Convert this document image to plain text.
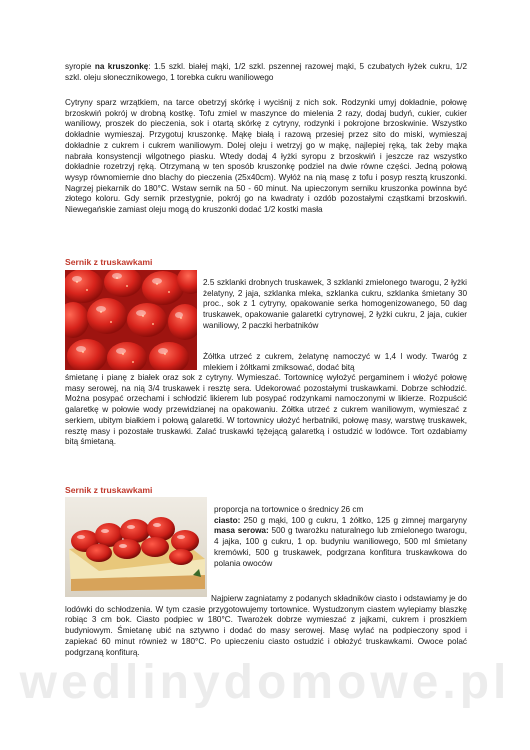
syropie na kruszonkę: 1.5 szkl. białej mąki, 1/2 szkl. pszennej razowej mąki, 5 czubatych łyżek cukru, 1/2 szkl. oleju słonecznikowego, 1 torebka cukru waniliowego

Cytryny sparz wrzątkiem, na tarce obetrzyj skórkę i wyciśnij z nich sok. Rodzynki umyj dokładnie, połowę brzoskwiń pokrój w drobną kostkę. Tofu zmiel w maszynce do mielenia 2 razy, dodaj budyń, cukier, cukier waniliowy, proszek do pieczenia, sok i otartą skórkę z cytryny, rodzynki i pokrojone brzoskwinie. Wszystko dokładnie wymieszaj. Przygotuj kruszonkę. Mąkę białą i razową przesiej przez sito do miski, wymieszaj dokładnie z cukrem i cukrem waniliowym. Dolej oleju i wetrzyj go w mąkę, najlepiej ręką, tak żeby mąka nabrała konsystencji wilgotnego piasku. Wtedy dodaj 4 łyżki syropu z brzoskwiń i jeszcze raz wszystko dokładnie rozetrzyj ręką. Otrzymaną w ten sposób kruszonkę podziel na dwie równe części. Jedną połową wysyp równomiernie dno blachy do pieczenia (25x40cm). Wyłóż na nią masę z tofu i posyp resztą kruszonki. Nagrzej piekarnik do 180°C. Wstaw sernik na 50 - 60 minut. Na upieczonym serniku kruszonka powinna być złotego koloru. Gdy sernik przestygnie, pokrój go na kwadraty i ozdób pozostałymi cząstkami brzoskwiń. Niewegańskie zamiast oleju mogą do kruszonki dodać 1/2 kostki masła

Sernik z truskawkami

2.5 szklanki drobnych truskawek, 3 szklanki zmielonego twarogu, 2 łyżki żelatyny, 2 jaja, szklanka mleka, szklanka cukru, szklanka śmietany 30 proc., sok z 1 cytryny, opakowanie serka homogenizowanego, 50 dag truskawek, opakowanie galaretki cytrynowej, 2 łyżki cukru, 2 jaja, cukier waniliowy, 2 paczki herbatników

Żółtka utrzeć z cukrem, żelatynę namoczyć w 1,4 l wody. Twaróg z mlekiem i żółtkami zmiksować, dodać bitą

śmietanę i pianę z białek oraz sok z cytryny. Wymieszać. Tortownicę wyłożyć pergaminem i włożyć połowę masy serowej, na nią 3/4 truskawek i resztę sera. Udekorować pozostałymi truskawkami. Dobrze schłodzić. Można posypać orzechami i schłodzić likierem lub posypać rodzynkami namoczonymi w likierze. Rozpuścić galaretkę w połowie wody przewidzianej na opakowaniu. Żółtka utrzeć z cukrem waniliowym, wymieszać z serkiem, ubitym białkiem i połową galaretki. W tortownicy ułożyć herbatniki, połowę masy, warstwę truskawek, resztę masy i pozostałe truskawki. Zalać truskawki tężejącą galaretką i ostudzić w lodówce. Tort ozdabiamy bitą śmietaną.

Sernik z truskawkami

proporcja na tortownice o średnicy 26 cm
ciasto: 250 g mąki, 100 g cukru, 1 żółtko, 125 g zimnej margaryny masa serowa: 500 g twarożku naturalnego lub zmielonego twarogu, 4 jajka, 100 g cukru, 1 op. budyniu waniliowego, 500 ml śmietany kremówki, 500 g truskawek, podgrzana konfitura truskawkowa do polania owoców

Najpierw zagniatamy z podanych składników ciasto i odstawiamy je do lodówki do schłodzenia. W tym czasie przygotowujemy tortownice. Wystudzonym ciastem wylepiamy blaszkę robiąc 3 cm bok. Ciasto podpiec w 180°C. Twarożek dobrze wymieszać z jajkami, cukrem i proszkiem budyniowym. Śmietanę ubić na sztywno i dodać do masy serowej. Masę wylać na podpieczony spod i zapiekać 60 minut również w 180°C. Po upieczeniu ciasto ostudzić i obłożyć truskawkami. Owoce polać podgrzaną konfiturą.

wedlinydomowe.pl
